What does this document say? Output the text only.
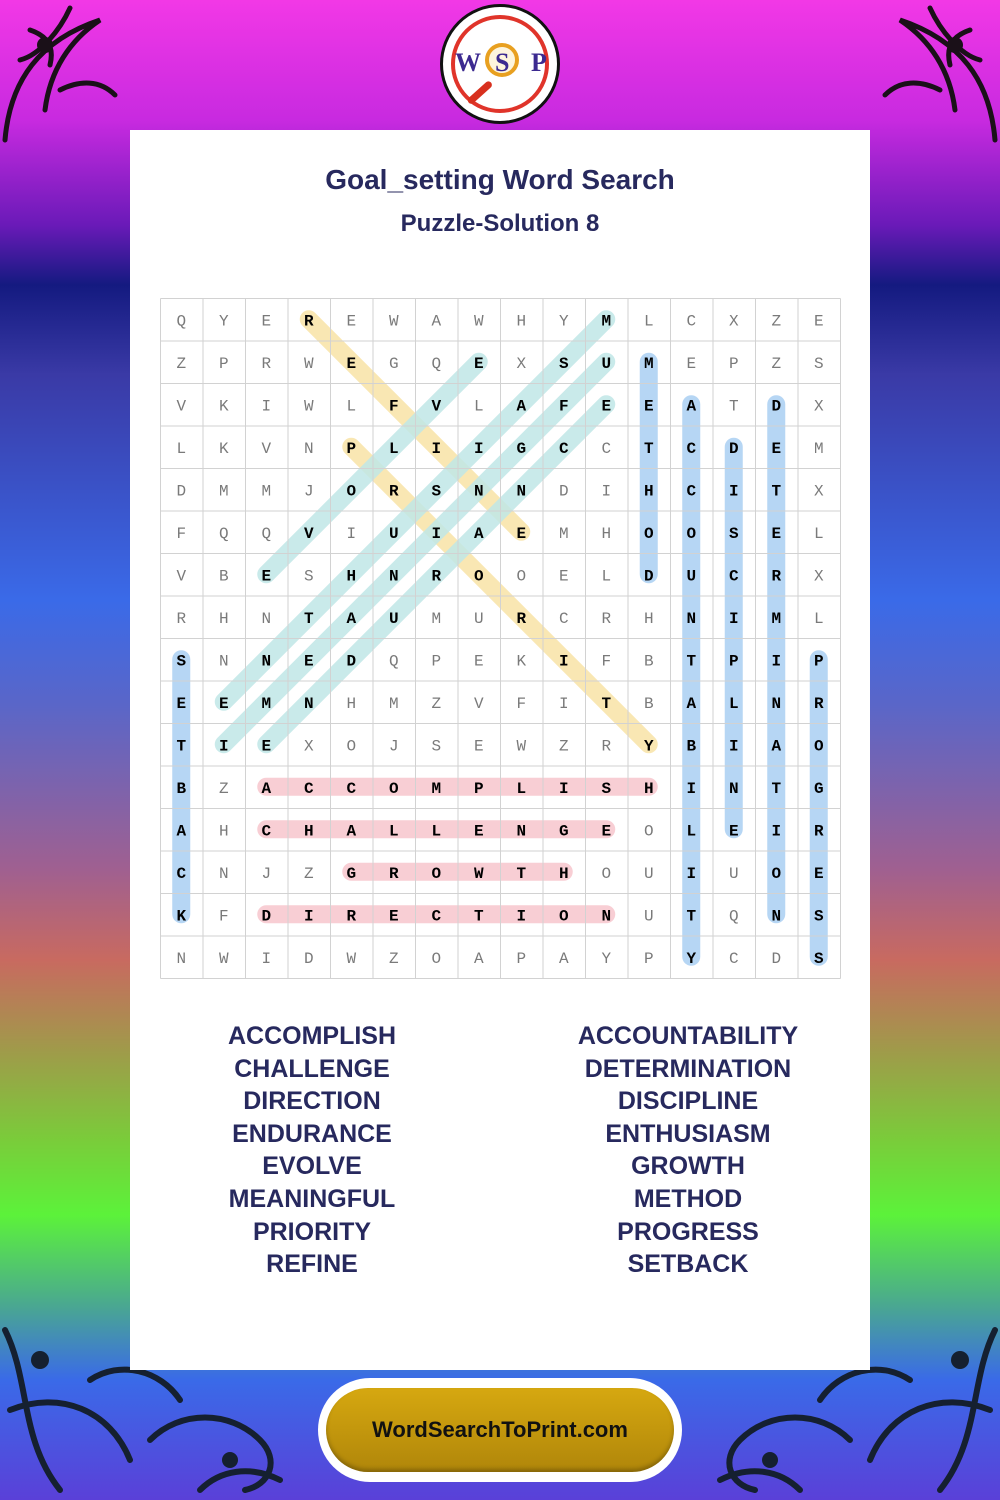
W S P
Goal_setting Word Search
Puzzle-Solution 8
Q Y E R E W A W H Y M L C X Z E
Z P R W E G Q E X S U M E P Z S
V K I W L F V L A F E E A T D X
L K V N P L I I G C C T C D E M
D M M J O R S N N D I H C I T X
F Q Q V I U I A E M H O O S E L
V B E S H N R O O E L D U C R X
R H N T A U M U R C R H N I M L
S N N E D Q P E K I F B T P I P
E E M N H M Z V F I T B A L N R
T I E X O J S E W Z R Y B I A O
B Z A C C O M P L I S H I N T G
A H C H A L L E N G E O L E I R
C N J Z G R O W T H O U I U O E
K F D I R E C T I O N U T Q N S
N W I D W Z O A P A Y P Y C D S
ACCOMPLISH
CHALLENGE
DIRECTION
ENDURANCE
EVOLVE
MEANINGFUL
PRIORITY
REFINE
ACCOUNTABILITY
DETERMINATION
DISCIPLINE
ENTHUSIASM
GROWTH
METHOD
PROGRESS
SETBACK
WordSearchToPrint.com
